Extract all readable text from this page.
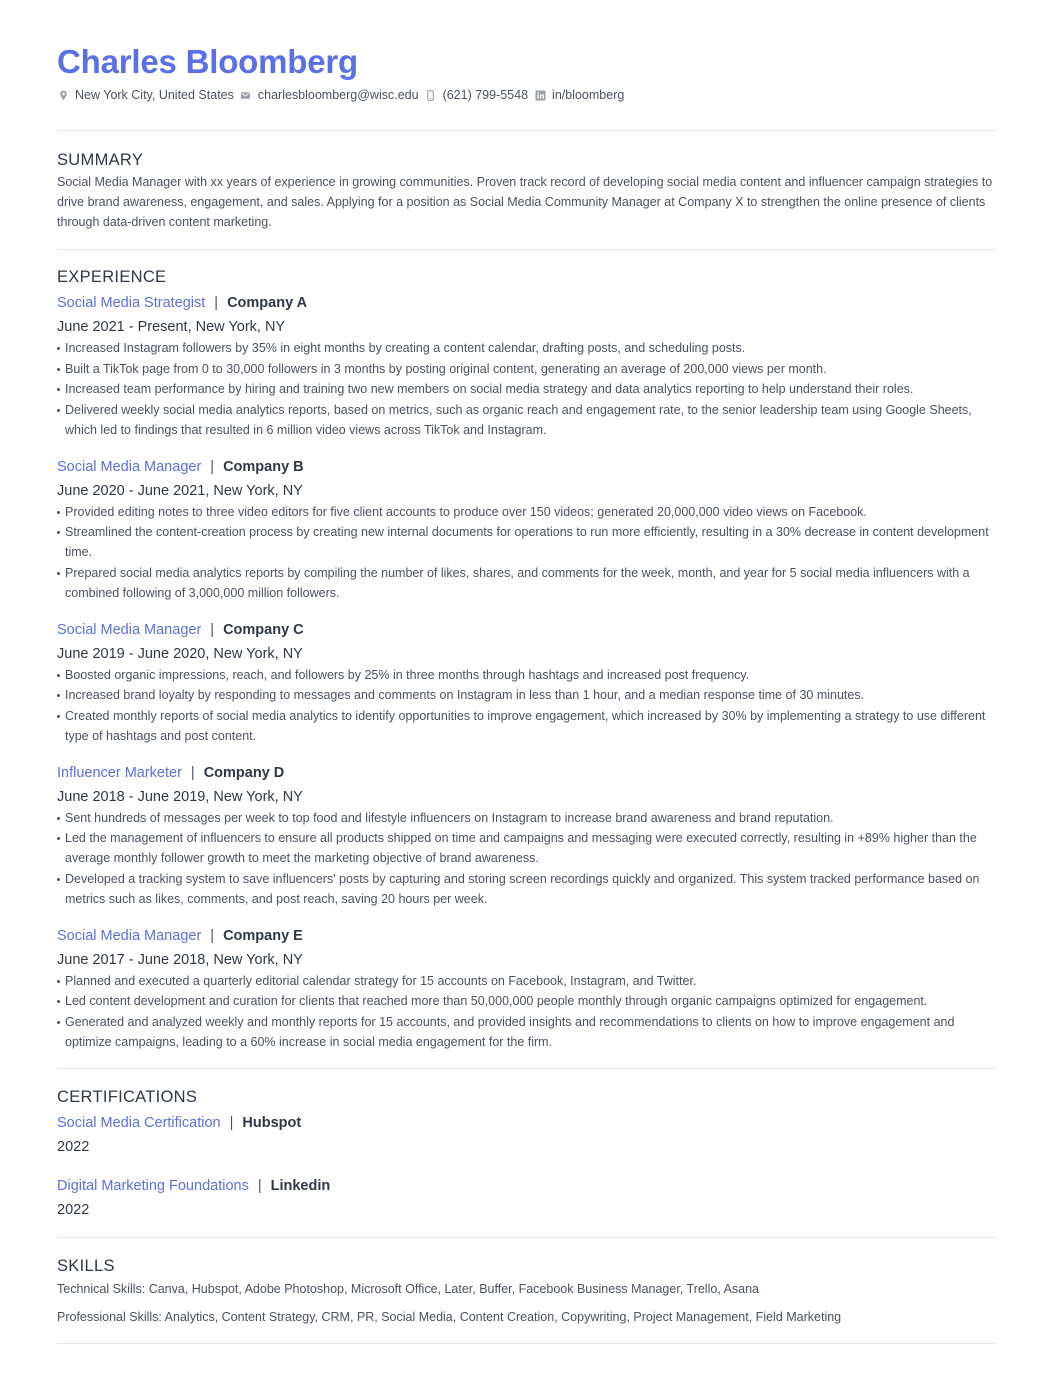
Charles Bloomberg
New York City, United States charlesbloomberg@wisc.edu (621) 799-5548 in/bloomberg
SUMMARY
Social Media Manager with xx years of experience in growing communities. Proven track record of developing social media content and influencer campaign strategies to drive brand awareness, engagement, and sales. Applying for a position as Social Media Community Manager at Company X to strengthen the online presence of clients through data-driven content marketing.
EXPERIENCE
Social Media Strategist | Company A
June 2021 - Present, New York, NY
Increased Instagram followers by 35% in eight months by creating a content calendar, drafting posts, and scheduling posts.
Built a TikTok page from 0 to 30,000 followers in 3 months by posting original content, generating an average of 200,000 views per month.
Increased team performance by hiring and training two new members on social media strategy and data analytics reporting to help understand their roles.
Delivered weekly social media analytics reports, based on metrics, such as organic reach and engagement rate, to the senior leadership team using Google Sheets, which led to findings that resulted in 6 million video views across TikTok and Instagram.
Social Media Manager | Company B
June 2020 - June 2021, New York, NY
Provided editing notes to three video editors for five client accounts to produce over 150 videos; generated 20,000,000 video views on Facebook.
Streamlined the content-creation process by creating new internal documents for operations to run more efficiently, resulting in a 30% decrease in content development time.
Prepared social media analytics reports by compiling the number of likes, shares, and comments for the week, month, and year for 5 social media influencers with a combined following of 3,000,000 million followers.
Social Media Manager | Company C
June 2019 - June 2020, New York, NY
Boosted organic impressions, reach, and followers by 25% in three months through hashtags and increased post frequency.
Increased brand loyalty by responding to messages and comments on Instagram in less than 1 hour, and a median response time of 30 minutes.
Created monthly reports of social media analytics to identify opportunities to improve engagement, which increased by 30% by implementing a strategy to use different type of hashtags and post content.
Influencer Marketer | Company D
June 2018 - June 2019, New York, NY
Sent hundreds of messages per week to top food and lifestyle influencers on Instagram to increase brand awareness and brand reputation.
Led the management of influencers to ensure all products shipped on time and campaigns and messaging were executed correctly, resulting in +89% higher than the average monthly follower growth to meet the marketing objective of brand awareness.
Developed a tracking system to save influencers' posts by capturing and storing screen recordings quickly and organized. This system tracked performance based on metrics such as likes, comments, and post reach, saving 20 hours per week.
Social Media Manager | Company E
June 2017 - June 2018, New York, NY
Planned and executed a quarterly editorial calendar strategy for 15 accounts on Facebook, Instagram, and Twitter.
Led content development and curation for clients that reached more than 50,000,000 people monthly through organic campaigns optimized for engagement.
Generated and analyzed weekly and monthly reports for 15 accounts, and provided insights and recommendations to clients on how to improve engagement and optimize campaigns, leading to a 60% increase in social media engagement for the firm.
CERTIFICATIONS
Social Media Certification | Hubspot
2022
Digital Marketing Foundations | Linkedin
2022
SKILLS
Technical Skills: Canva, Hubspot, Adobe Photoshop, Microsoft Office, Later, Buffer, Facebook Business Manager, Trello, Asana
Professional Skills: Analytics, Content Strategy, CRM, PR, Social Media, Content Creation, Copywriting, Project Management, Field Marketing
